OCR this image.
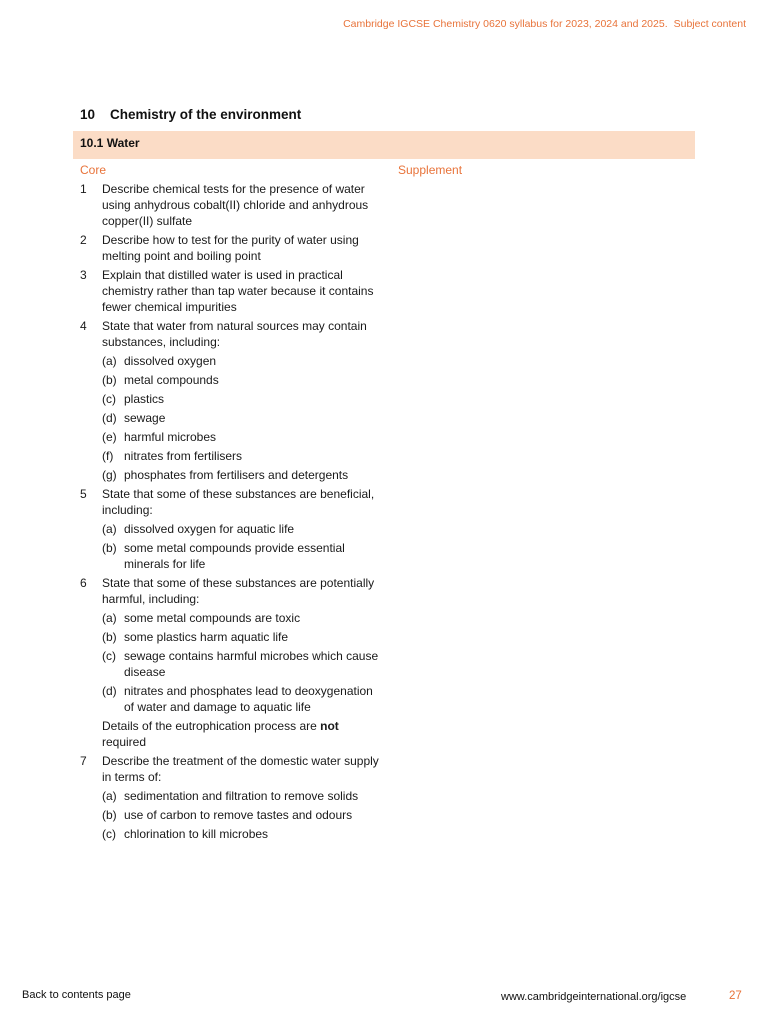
Cambridge IGCSE Chemistry 0620 syllabus for 2023, 2024 and 2025. Subject content
10 Chemistry of the environment
10.1 Water
Core	Supplement
1	Describe chemical tests for the presence of water using anhydrous cobalt(II) chloride and anhydrous copper(II) sulfate
2	Describe how to test for the purity of water using melting point and boiling point
3	Explain that distilled water is used in practical chemistry rather than tap water because it contains fewer chemical impurities
4	State that water from natural sources may contain substances, including:
(a) dissolved oxygen
(b) metal compounds
(c) plastics
(d) sewage
(e) harmful microbes
(f) nitrates from fertilisers
(g) phosphates from fertilisers and detergents
5	State that some of these substances are beneficial, including:
(a) dissolved oxygen for aquatic life
(b) some metal compounds provide essential minerals for life
6	State that some of these substances are potentially harmful, including:
(a) some metal compounds are toxic
(b) some plastics harm aquatic life
(c) sewage contains harmful microbes which cause disease
(d) nitrates and phosphates lead to deoxygenation of water and damage to aquatic life
Details of the eutrophication process are not required
7	Describe the treatment of the domestic water supply in terms of:
(a) sedimentation and filtration to remove solids
(b) use of carbon to remove tastes and odours
(c) chlorination to kill microbes
Back to contents page	www.cambridgeinternational.org/igcse	27
